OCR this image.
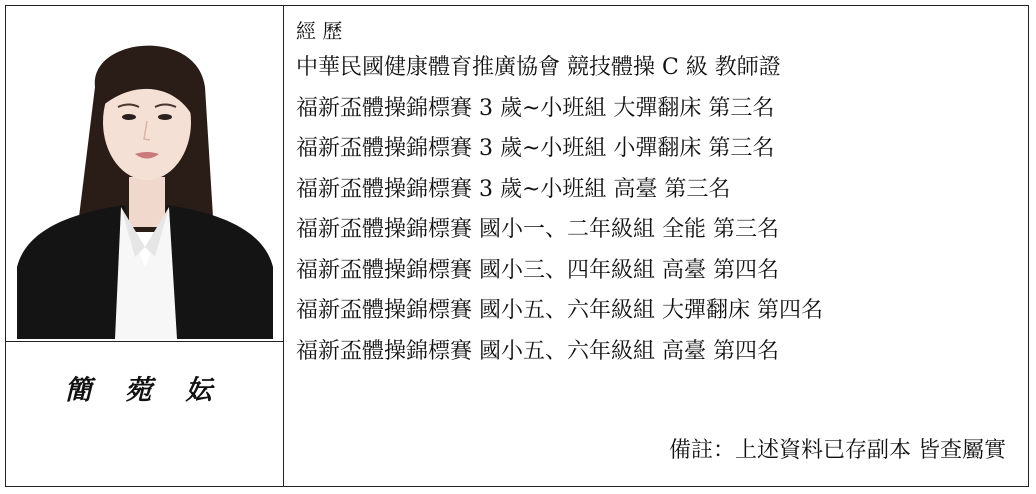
簡 菀 妘
經 歷
中華民國健康體育推廣協會 競技體操 C 級 教師證
福新盃體操錦標賽 3 歲~小班組 大彈翻床 第三名
福新盃體操錦標賽 3 歲~小班組 小彈翻床 第三名
福新盃體操錦標賽 3 歲~小班組 高臺 第三名
福新盃體操錦標賽 國小一、二年級組 全能 第三名
福新盃體操錦標賽 國小三、四年級組 高臺 第四名
福新盃體操錦標賽 國小五、六年級組 大彈翻床 第四名
福新盃體操錦標賽 國小五、六年級組 高臺 第四名
備註：上述資料已存副本 皆查屬實
